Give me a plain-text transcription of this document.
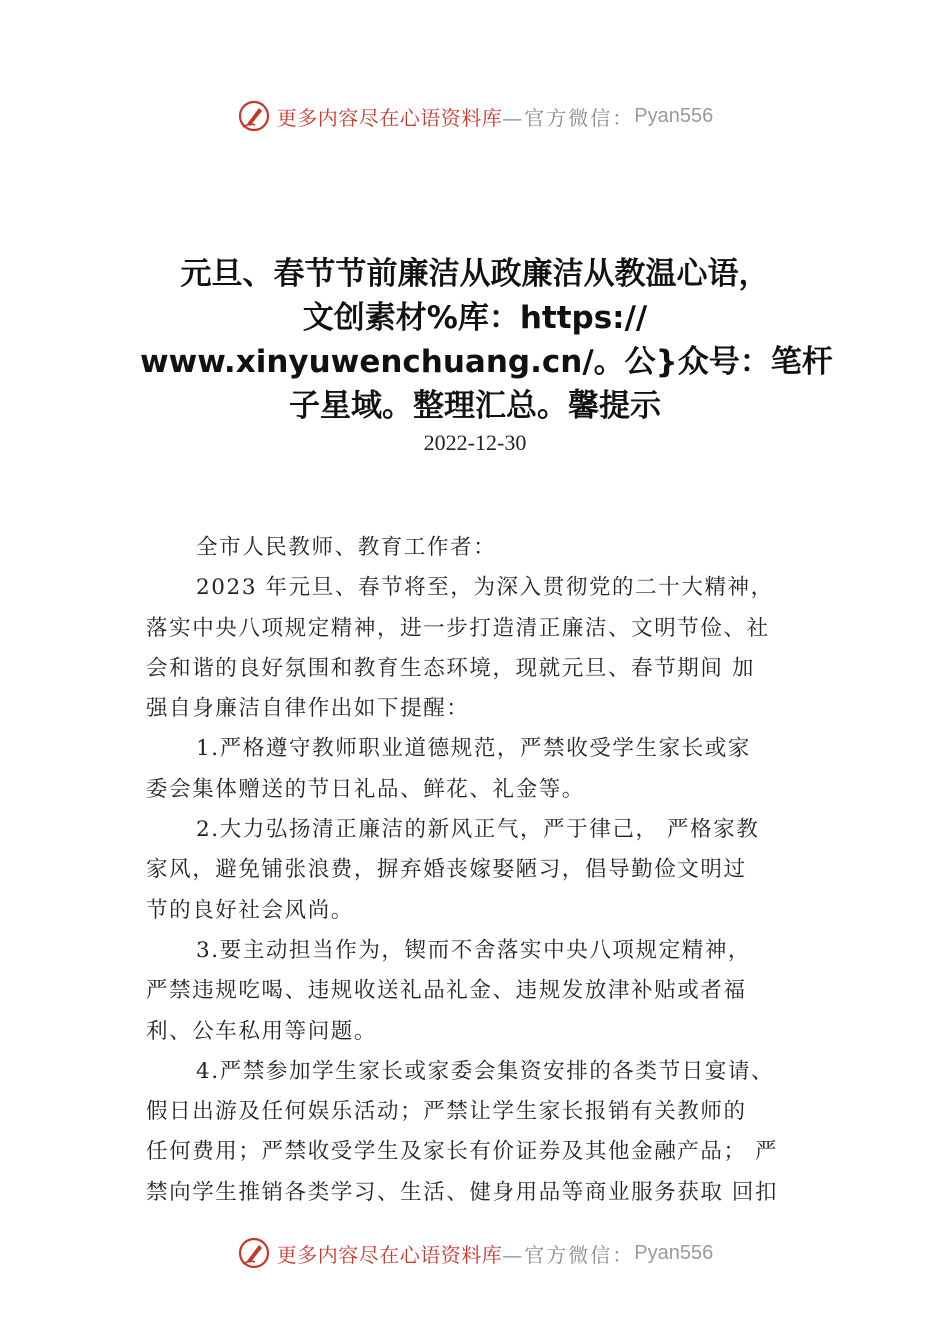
更多内容尽在心语资料库 —官方微信： Pyan556
元旦、春节节前廉洁从政廉洁从教温心语，
文创素材%库：https://
www.xinyuwenchuang.cn/。公}众号：笔杆
子星域。整理汇总。馨提示
2022-12-30
全市人民教师、教育工作者：
2023 年元旦、春节将至，为深入贯彻党的二十大精神，
落实中央八项规定精神，进一步打造清正廉洁、文明节俭、社
会和谐的良好氛围和教育生态环境，现就元旦、春节期间 加
强自身廉洁自律作出如下提醒：
1.严格遵守教师职业道德规范，严禁收受学生家长或家
委会集体赠送的节日礼品、鲜花、礼金等。
2.大力弘扬清正廉洁的新风正气，严于律己， 严格家教
家风，避免铺张浪费，摒弃婚丧嫁娶陋习，倡导勤俭文明过
节的良好社会风尚。
3.要主动担当作为，锲而不舍落实中央八项规定精神，
严禁违规吃喝、违规收送礼品礼金、违规发放津补贴或者福
利、公车私用等问题。
4.严禁参加学生家长或家委会集资安排的各类节日宴请、
假日出游及任何娱乐活动；严禁让学生家长报销有关教师的
任何费用；严禁收受学生及家长有价证券及其他金融产品； 严
禁向学生推销各类学习、生活、健身用品等商业服务获取 回扣
更多内容尽在心语资料库 —官方微信： Pyan556
